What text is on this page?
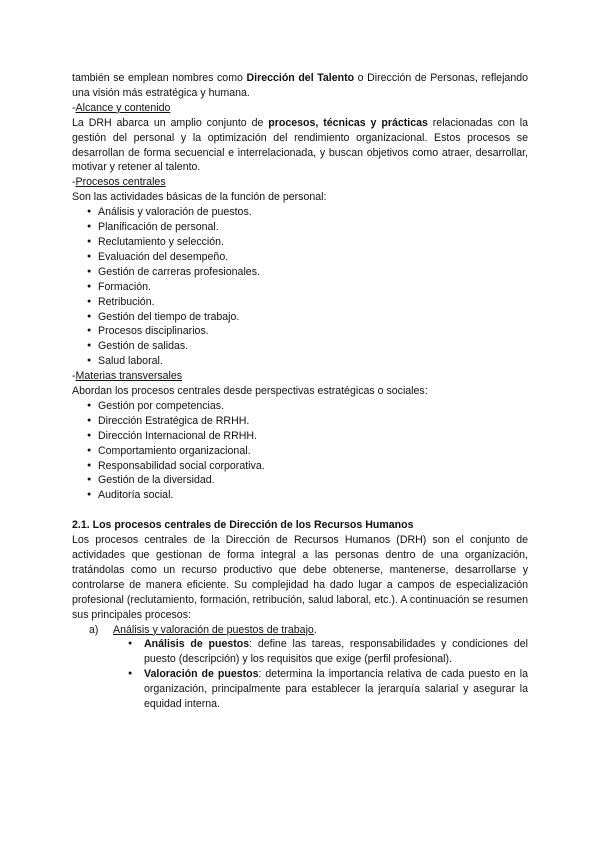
también se emplean nombres como Dirección del Talento o Dirección de Personas, reflejando una visión más estratégica y humana.

-Alcance y contenido

La DRH abarca un amplio conjunto de procesos, técnicas y prácticas relacionadas con la gestión del personal y la optimización del rendimiento organizacional. Estos procesos se desarrollan de forma secuencial e interrelacionada, y buscan objetivos como atraer, desarrollar, motivar y retener al talento.

-Procesos centrales

Son las actividades básicas de la función de personal:

● Análisis y valoración de puestos.
● Planificación de personal.
● Reclutamiento y selección.
● Evaluación del desempeño.
● Gestión de carreras profesionales.
● Formación.
● Retribución.
● Gestión del tiempo de trabajo.
● Procesos disciplinarios.
● Gestión de salidas.
● Salud laboral.

-Materias transversales

Abordan los procesos centrales desde perspectivas estratégicas o sociales:

● Gestión por competencias.
● Dirección Estratégica de RRHH.
● Dirección Internacional de RRHH.
● Comportamiento organizacional.
● Responsabilidad social corporativa.
● Gestión de la diversidad.
● Auditoría social.

2.1. Los procesos centrales de Dirección de los Recursos Humanos

Los procesos centrales de la Dirección de Recursos Humanos (DRH) son el conjunto de actividades que gestionan de forma integral a las personas dentro de una organización, tratándolas como un recurso productivo que debe obtenerse, mantenerse, desarrollarse y controlarse de manera eficiente. Su complejidad ha dado lugar a campos de especialización profesional (reclutamiento, formación, retribución, salud laboral, etc.). A continuación se resumen sus principales procesos:

a) Análisis y valoración de puestos de trabajo.
● Análisis de puestos: define las tareas, responsabilidades y condiciones del puesto (descripción) y los requisitos que exige (perfil profesional).
● Valoración de puestos: determina la importancia relativa de cada puesto en la organización, principalmente para establecer la jerarquía salarial y asegurar la equidad interna.
